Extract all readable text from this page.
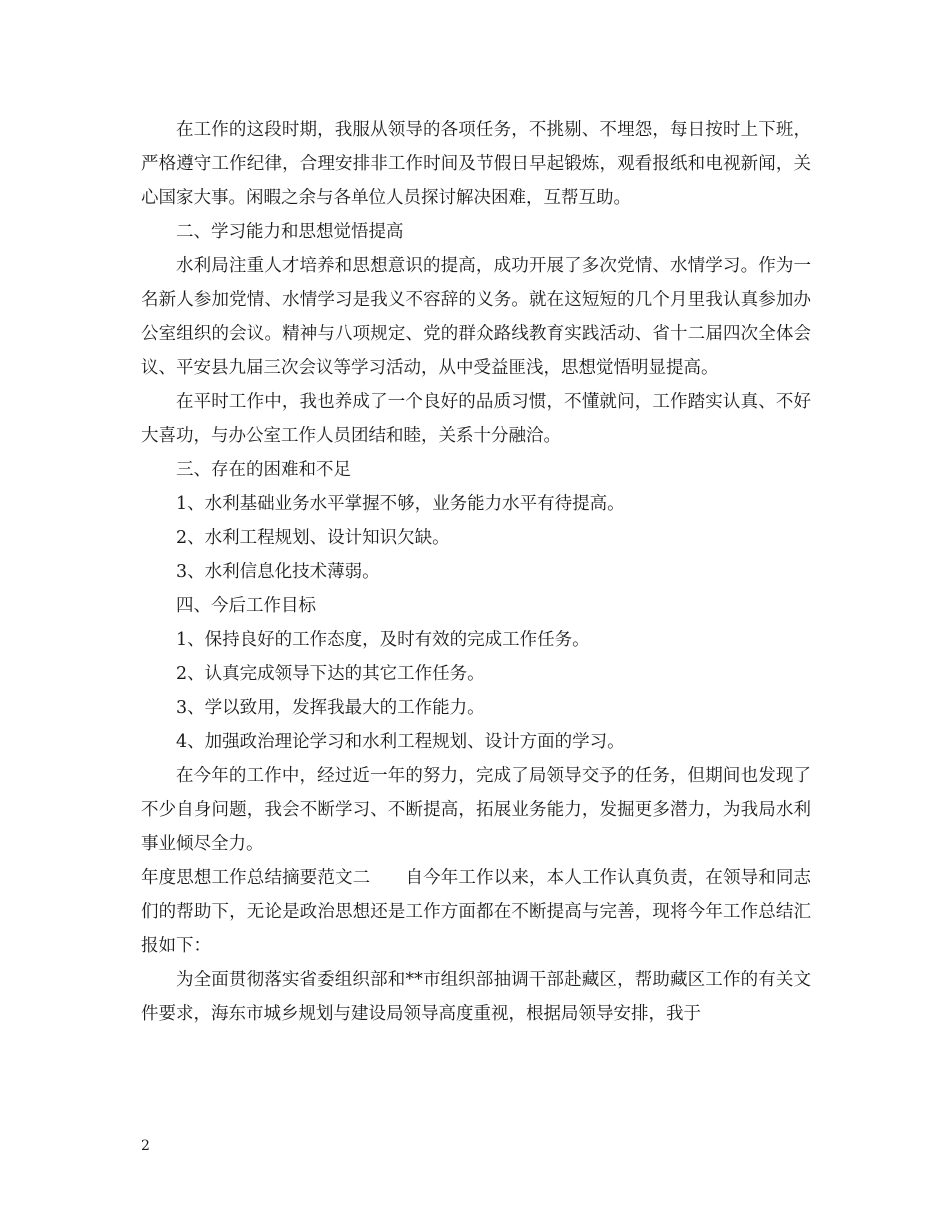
在工作的这段时期，我服从领导的各项任务，不挑剔、不埋怨，每日按时上下班，严格遵守工作纪律，合理安排非工作时间及节假日早起锻炼，观看报纸和电视新闻，关心国家大事。闲暇之余与各单位人员探讨解决困难，互帮互助。

二、学习能力和思想觉悟提高

水利局注重人才培养和思想意识的提高，成功开展了多次党情、水情学习。作为一名新人参加党情、水情学习是我义不容辞的义务。就在这短短的几个月里我认真参加办公室组织的会议。精神与八项规定、党的群众路线教育实践活动、省十二届四次全体会议、平安县九届三次会议等学习活动，从中受益匪浅，思想觉悟明显提高。

在平时工作中，我也养成了一个良好的品质习惯，不懂就问，工作踏实认真、不好大喜功，与办公室工作人员团结和睦，关系十分融洽。

三、存在的困难和不足

1、水利基础业务水平掌握不够，业务能力水平有待提高。

2、水利工程规划、设计知识欠缺。

3、水利信息化技术薄弱。

四、今后工作目标

1、保持良好的工作态度，及时有效的完成工作任务。

2、认真完成领导下达的其它工作任务。

3、学以致用，发挥我最大的工作能力。

4、加强政治理论学习和水利工程规划、设计方面的学习。

在今年的工作中，经过近一年的努力，完成了局领导交予的任务，但期间也发现了不少自身问题，我会不断学习、不断提高，拓展业务能力，发掘更多潜力，为我局水利事业倾尽全力。

年度思想工作总结摘要范文二　　自今年工作以来，本人工作认真负责，在领导和同志们的帮助下，无论是政治思想还是工作方面都在不断提高与完善，现将今年工作总结汇报如下：

为全面贯彻落实省委组织部和**市组织部抽调干部赴藏区，帮助藏区工作的有关文件要求，海东市城乡规划与建设局领导高度重视，根据局领导安排，我于

2
